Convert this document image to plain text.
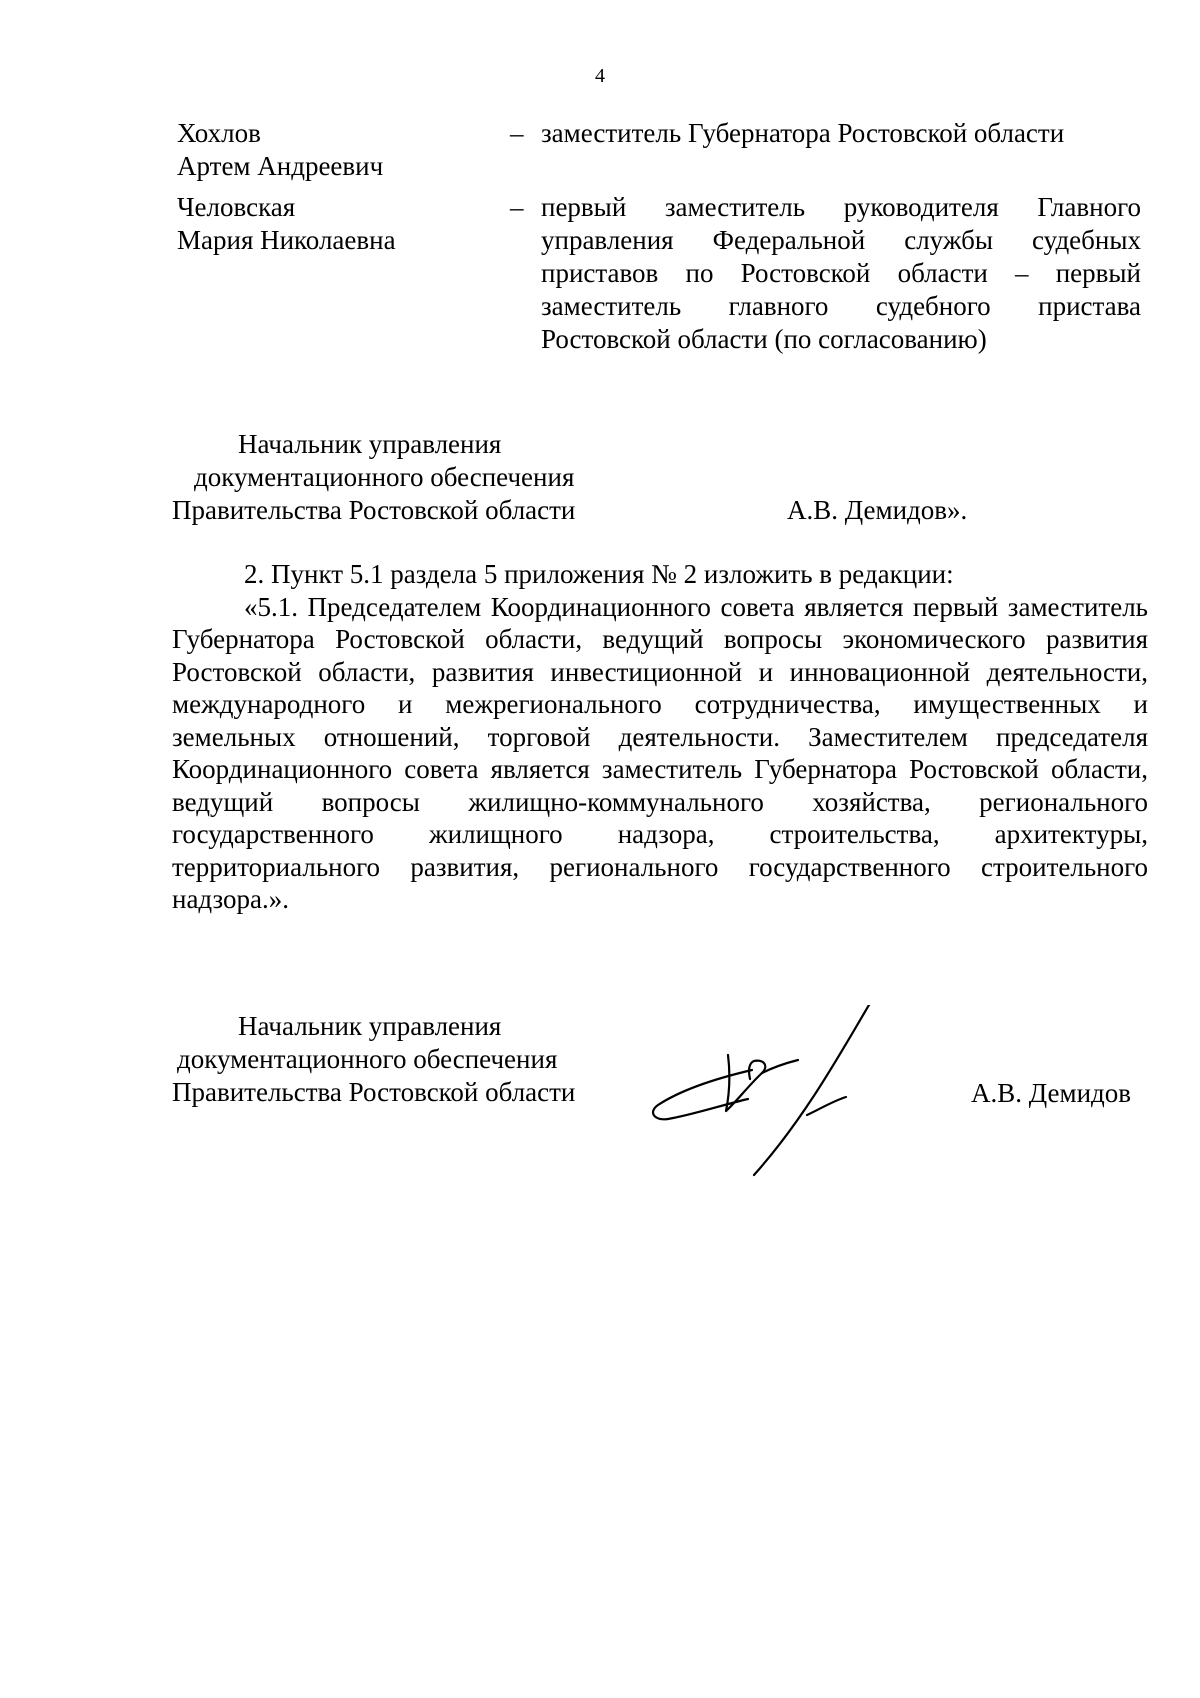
4
Хохлов
Артем Андреевич
– заместитель Губернатора Ростовской области
Человская
Мария Николаевна
– первый заместитель руководителя Главного управления Федеральной службы судебных приставов по Ростовской области – первый заместитель главного судебного пристава Ростовской области (по согласованию)
Начальник управления
документационного обеспечения
Правительства Ростовской области	А.В. Демидов».
2. Пункт 5.1 раздела 5 приложения № 2 изложить в редакции:
«5.1. Председателем Координационного совета является первый заместитель Губернатора Ростовской области, ведущий вопросы экономического развития Ростовской области, развития инвестиционной и инновационной деятельности, международного и межрегионального сотрудничества, имущественных и земельных отношений, торговой деятельности. Заместителем председателя Координационного совета является заместитель Губернатора Ростовской области, ведущий вопросы жилищно-коммунального хозяйства, регионального государственного жилищного надзора, строительства, архитектуры, территориального развития, регионального государственного строительного надзора.».
Начальник управления
документационного обеспечения
Правительства Ростовской области	А.В. Демидов
